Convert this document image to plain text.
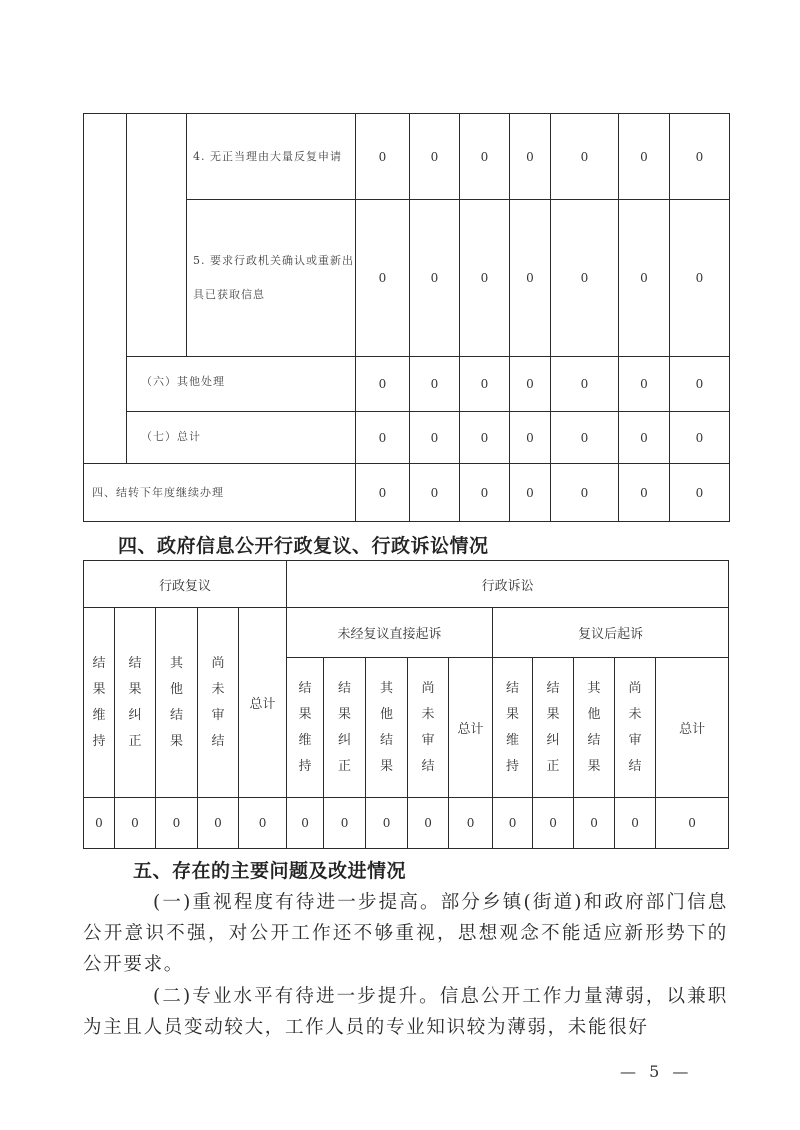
		4. 无正当理由大量反复申请	0	0	0	0	0	0	0
		5. 要求行政机关确认或重新出具已获取信息	0	0	0	0	0	0	0
	（六）其他处理		0	0	0	0	0	0	0
	（七）总计		0	0	0	0	0	0	0
四、结转下年度继续办理			0	0	0	0	0	0	0
四、政府信息公开行政复议、行政诉讼情况
行政复议					行政诉讼									
结果维持	结果纠正	其他结果	尚未审结	总计	未经复议直接起诉					复议后起诉				
					结果维持	结果纠正	其他结果	尚未审结	总计	结果维持	结果纠正	其他结果	尚未审结	总计
0	0	0	0	0	0	0	0	0	0	0	0	0	0	0
五、存在的主要问题及改进情况
(一)重视程度有待进一步提高。部分乡镇(街道)和政府部门信息公开意识不强，对公开工作还不够重视，思想观念不能适应新形势下的公开要求。
(二)专业水平有待进一步提升。信息公开工作力量薄弱，以兼职为主且人员变动较大，工作人员的专业知识较为薄弱，未能很好
— 5 —
